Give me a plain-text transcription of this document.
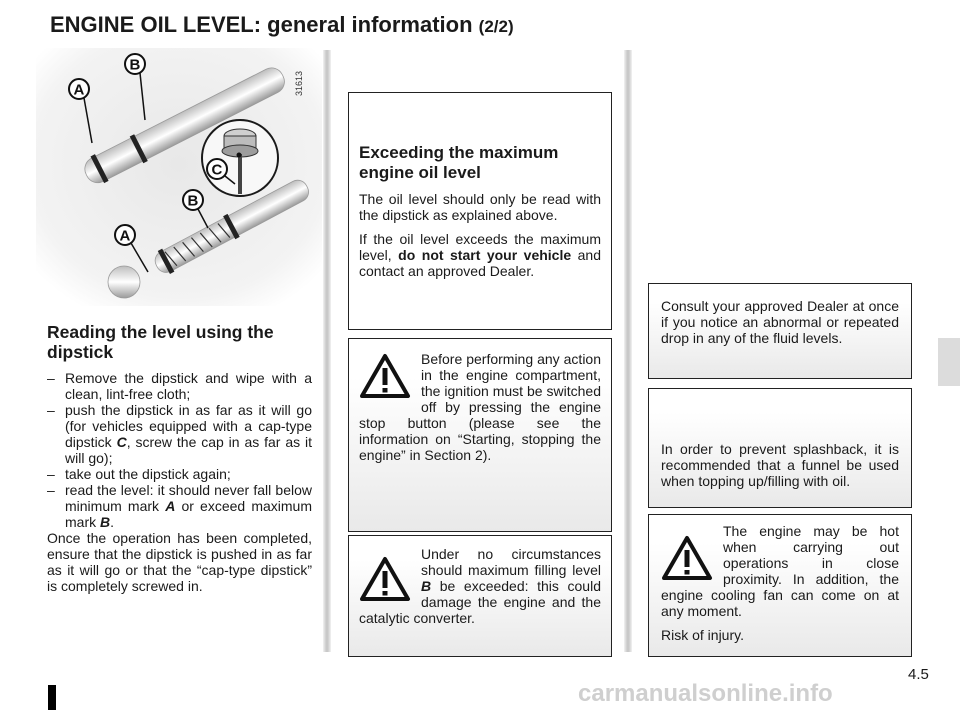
ENGINE OIL LEVEL: general information (2/2)
B
A
C
B
A
31613
Reading the level using the dipstick
– Remove the dipstick and wipe with a clean, lint-free cloth;
– push the dipstick in as far as it will go (for vehicles equipped with a cap-type dipstick C, screw the cap in as far as it will go);
– take out the dipstick again;
– read the level: it should never fall below minimum mark A or exceed maximum mark B.
Once the operation has been completed, ensure that the dipstick is pushed in as far as it will go or that the “cap-type dipstick” is completely screwed in.
Exceeding the maximum engine oil level

The oil level should only be read with the dipstick as explained above.

If the oil level exceeds the maximum level, do not start your vehicle and contact an approved Dealer.

Before performing any action in the engine compartment, the ignition must be switched off by pressing the engine stop button (please see the information on “Starting, stopping the engine” in Section 2).

Under no circumstances should maximum filling level B be exceeded: this could damage the engine and the catalytic converter.

Consult your approved Dealer at once if you notice an abnormal or repeated drop in any of the fluid levels.

In order to prevent splashback, it is recommended that a funnel be used when topping up/filling with oil.

The engine may be hot when carrying out operations in close proximity. In addition, the engine cooling fan can come on at any moment.

Risk of injury.

4.5
carmanualsonline.info
